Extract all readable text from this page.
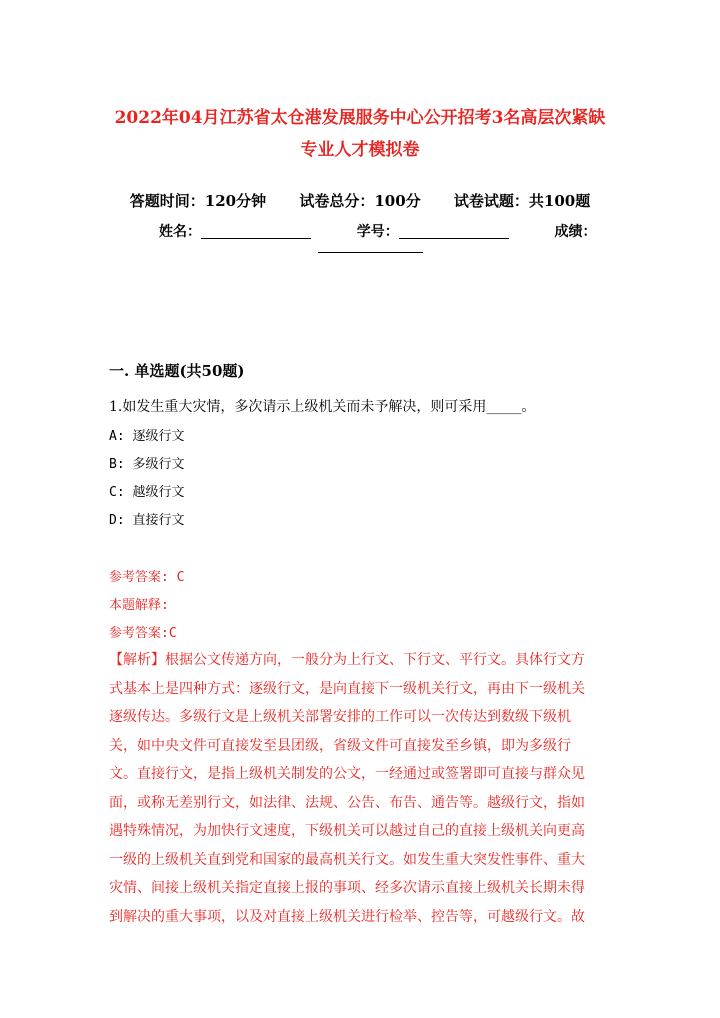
2022年04月江苏省太仓港发展服务中心公开招考3名高层次紧缺
专业人才模拟卷
答题时间：120分钟 试卷总分：100分 试卷试题：共100题
姓名：	学号：	成绩：
一. 单选题(共50题)
1.如发生重大灾情，多次请示上级机关而未予解决，则可采用_____。
A: 逐级行文
B: 多级行文
C: 越级行文
D: 直接行文
参考答案: C
本题解释:
参考答案:C
【解析】根据公文传递方向，一般分为上行文、下行文、平行文。具体行文方
式基本上是四种方式：逐级行文，是向直接下一级机关行文，再由下一级机关
逐级传达。多级行文是上级机关部署安排的工作可以一次传达到数级下级机
关，如中央文件可直接发至县团级，省级文件可直接发至乡镇，即为多级行
文。直接行文，是指上级机关制发的公文，一经通过或签署即可直接与群众见
面，或称无差别行文，如法律、法规、公告、布告、通告等。越级行文，指如
遇特殊情况，为加快行文速度，下级机关可以越过自己的直接上级机关向更高
一级的上级机关直到党和国家的最高机关行文。如发生重大突发性事件、重大
灾情、间接上级机关指定直接上报的事项、经多次请示直接上级机关长期未得
到解决的重大事项，以及对直接上级机关进行检举、控告等，可越级行文。故
